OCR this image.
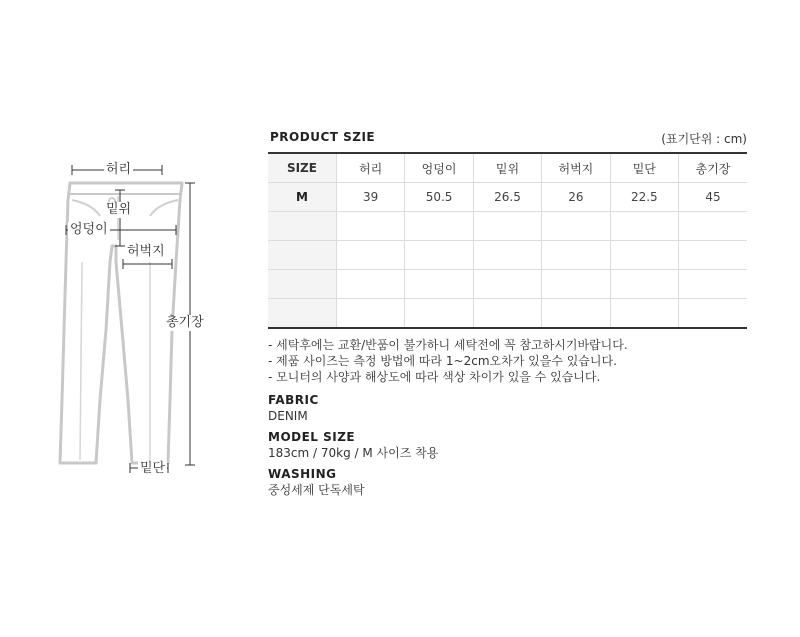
허리
밑위
엉덩이
허벅지
총기장
밑단
PRODUCT SZIE	(표기단위 : cm)
SIZE	허리	엉덩이	밑위	허벅지	밑단	총기장
M	39	50.5	26.5	26	22.5	45

- 세탁후에는 교환/반품이 불가하니 세탁전에 꼭 참고하시기바랍니다.
- 제품 사이즈는 측정 방법에 따라 1~2cm오차가 있을수 있습니다.
- 모니터의 사양과 해상도에 따라 색상 차이가 있을 수 있습니다.
FABRIC
DENIM
MODEL SIZE
183cm / 70kg / M 사이즈 착용
WASHING
중성세제 단독세탁
